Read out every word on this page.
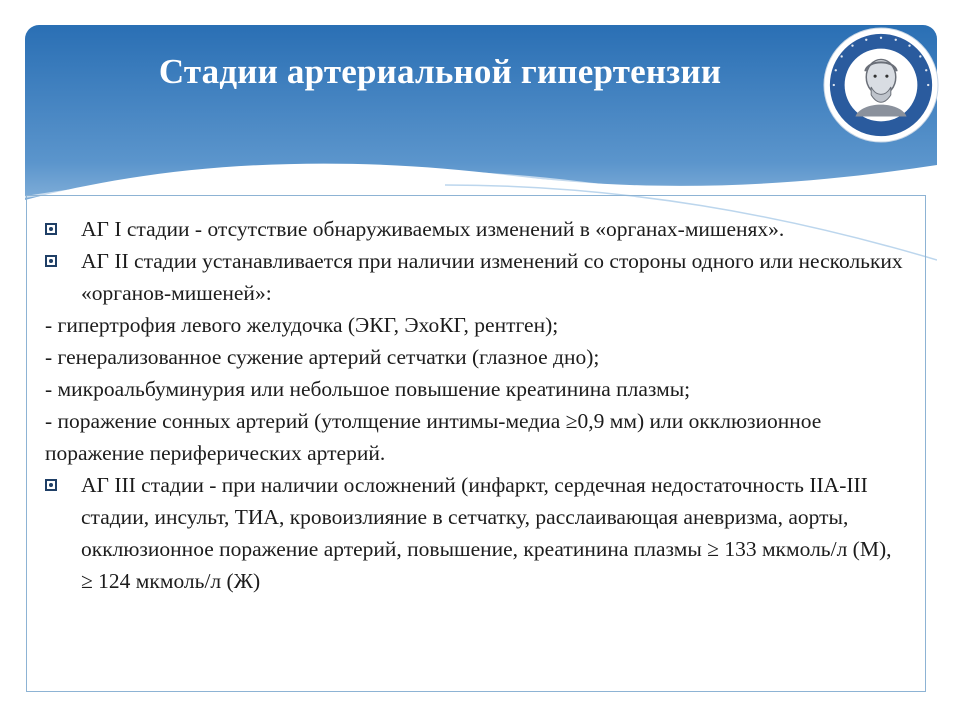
Стадии артериальной гипертензии
АГ I стадии - отсутствие обнаруживаемых изменений в «органах-мишенях».
АГ II стадии устанавливается при наличии изменений со стороны одного или нескольких «органов-мишеней»:
- гипертрофия левого желудочка (ЭКГ, ЭхоКГ, рентген);
- генерализованное сужение артерий сетчатки (глазное дно);
- микроальбуминурия или небольшое повышение креатинина плазмы;
- поражение сонных артерий (утолщение интимы-медиа ≥0,9 мм) или окклюзионное поражение периферических артерий.
АГ III стадии - при наличии осложнений (инфаркт, сердечная недостаточность IIA-III стадии, инсульт, ТИА, кровоизлияние в сетчатку, расслаивающая аневризма, аорты, окклюзионное поражение артерий, повышение, креатинина плазмы ≥ 133 мкмоль/л (М), ≥ 124 мкмоль/л (Ж)
